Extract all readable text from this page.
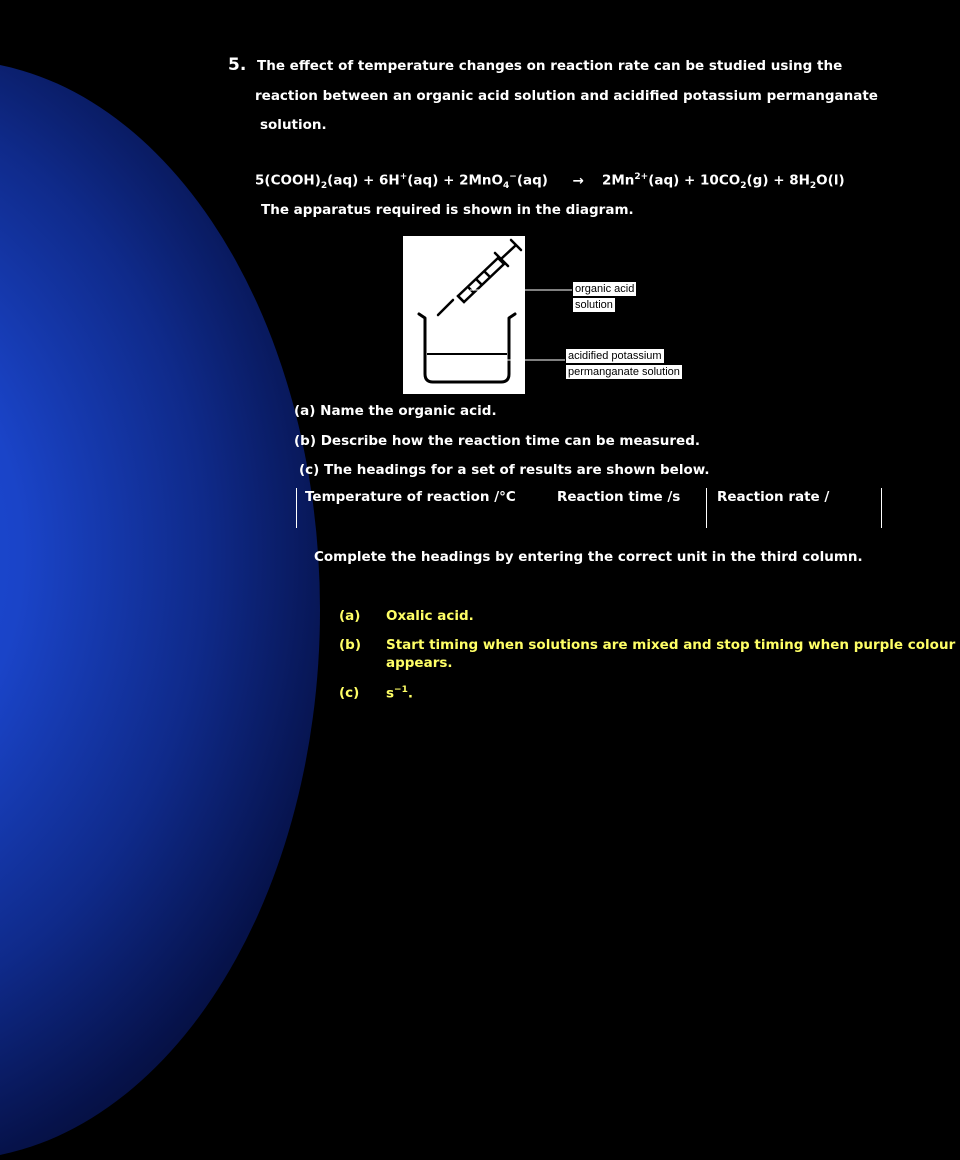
5. The effect of temperature changes on reaction rate can be studied using the
reaction between an organic acid solution and acidified potassium permanganate
solution.
$5(COOH)_2(aq) + 6H^+(aq) + 2MnO_4^-(aq) \to 2Mn^{2+}(aq) + 10CO_2(g) + 8H_2O(l)$
The apparatus required is shown in the diagram.
organic acid
solution
acidified potassium
permanganate solution
(a) Name the organic acid.
(b) Describe how the reaction time can be measured.
(c) The headings for a set of results are shown below.
Temperature of reaction /°C	Reaction time /s	Reaction rate /
Complete the headings by entering the correct unit in the third column.
(a) Oxalic acid.
(b) Start timing when solutions are mixed and stop timing when purple colour
appears.
(c) $s^{-1}$.
